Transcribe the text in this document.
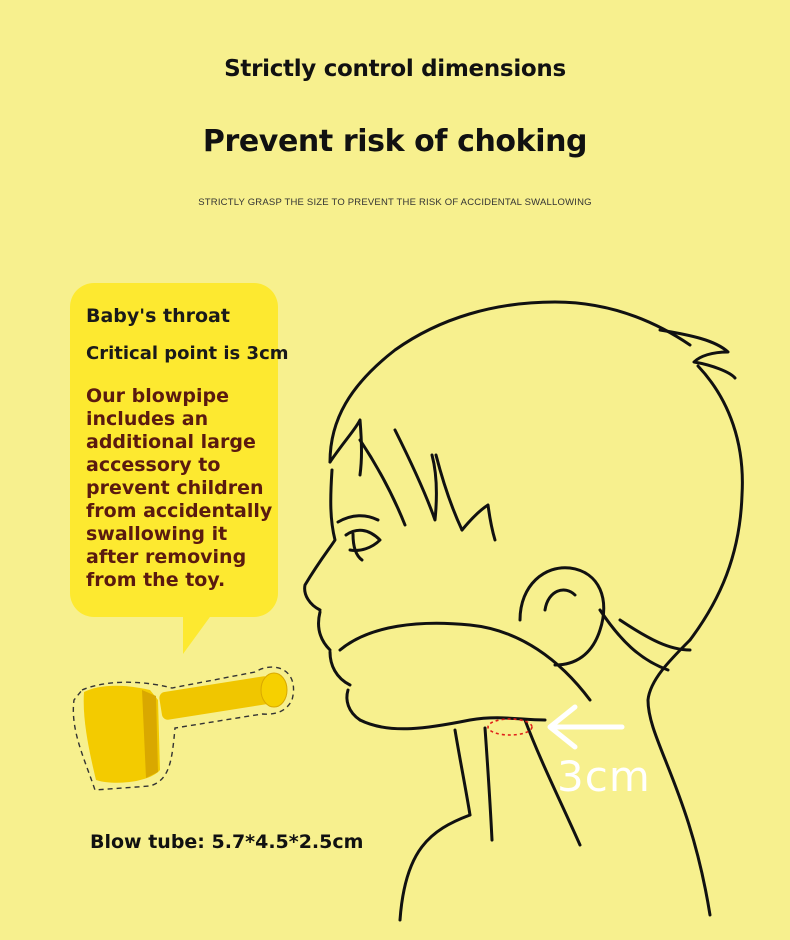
Strictly control dimensions
Prevent risk of choking
STRICTLY GRASP THE SIZE TO PREVENT THE RISK OF ACCIDENTAL SWALLOWING
3cm
Baby's throat
Critical point is 3cm
Our blowpipe includes an additional large accessory to prevent children from accidentally swallowing it after removing from the toy.
Blow tube: 5.7*4.5*2.5cm
